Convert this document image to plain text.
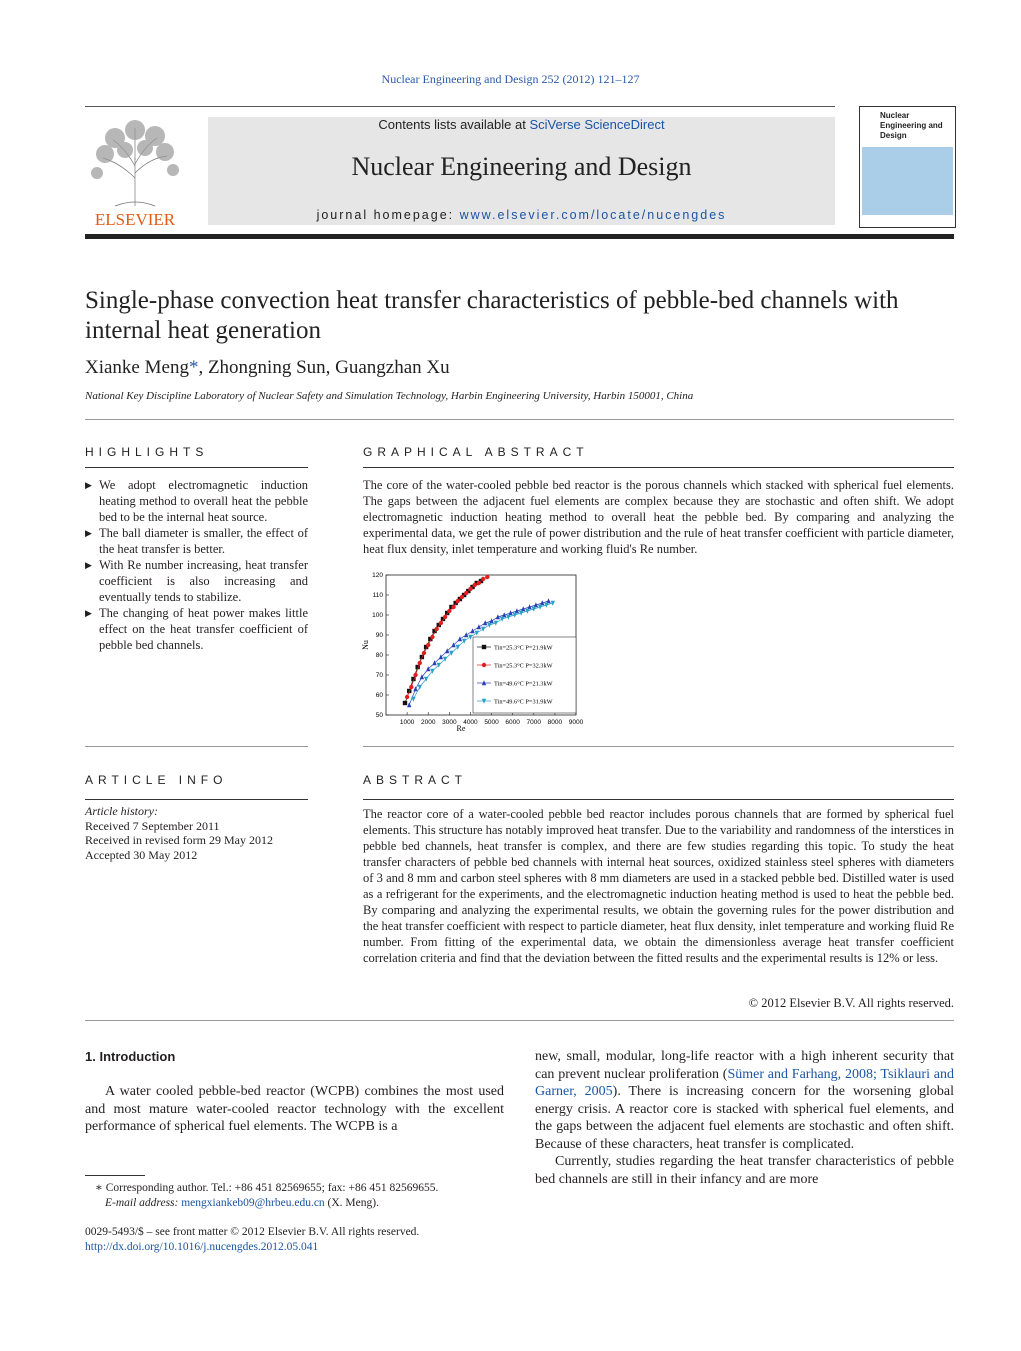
Nuclear Engineering and Design 252 (2012) 121–127
ELSEVIER
Contents lists available at SciVerse ScienceDirect
Nuclear Engineering and Design
journal homepage: www.elsevier.com/locate/nucengdes
Nuclear Engineering and Design
Single-phase convection heat transfer characteristics of pebble-bed channels with internal heat generation
Xianke Meng*, Zhongning Sun, Guangzhan Xu
National Key Discipline Laboratory of Nuclear Safety and Simulation Technology, Harbin Engineering University, Harbin 150001, China
HIGHLIGHTS
▶ We adopt electromagnetic induction heating method to overall heat the pebble bed to be the internal heat source.
▶ The ball diameter is smaller, the effect of the heat transfer is better.
▶ With Re number increasing, heat transfer coefficient is also increasing and eventually tends to stabilize.
▶ The changing of heat power makes little effect on the heat transfer coefficient of pebble bed channels.
GRAPHICAL ABSTRACT
The core of the water-cooled pebble bed reactor is the porous channels which stacked with spherical fuel elements. The gaps between the adjacent fuel elements are complex because they are stochastic and often shift. We adopt electromagnetic induction heating method to overall heat the pebble bed. By comparing and analyzing the experimental data, we get the rule of power distribution and the rule of heat transfer coefficient with particle diameter, heat flux density, inlet temperature and working fluid's Re number.
1000 2000 3000 4000 5000 6000 7000 8000 9000
50
60
70
80
90
100
110
120
Re
Nu	Tin=25.3°C P=21.9kW
Tin=25.3°C P=32.3kW
Tin=49.6°C P=21.3kW
Tin=49.6°C P=31.9kW
ARTICLE INFO
Article history:
Received 7 September 2011
Received in revised form 29 May 2012
Accepted 30 May 2012
ABSTRACT
The reactor core of a water-cooled pebble bed reactor includes porous channels that are formed by spherical fuel elements. This structure has notably improved heat transfer. Due to the variability and randomness of the interstices in pebble bed channels, heat transfer is complex, and there are few studies regarding this topic. To study the heat transfer characters of pebble bed channels with internal heat sources, oxidized stainless steel spheres with diameters of 3 and 8 mm and carbon steel spheres with 8 mm diameters are used in a stacked pebble bed. Distilled water is used as a refrigerant for the experiments, and the electromagnetic induction heating method is used to heat the pebble bed. By comparing and analyzing the experimental results, we obtain the governing rules for the power distribution and the heat transfer coefficient with respect to particle diameter, heat flux density, inlet temperature and working fluid Re number. From fitting of the experimental data, we obtain the dimensionless average heat transfer coefficient correlation criteria and find that the deviation between the fitted results and the experimental results is 12% or less.
© 2012 Elsevier B.V. All rights reserved.
1. Introduction
A water cooled pebble-bed reactor (WCPB) combines the most used and most mature water-cooled reactor technology with the excellent performance of spherical fuel elements. The WCPB is a

new, small, modular, long-life reactor with a high inherent security that can prevent nuclear proliferation (Sümer and Farhang, 2008; Tsiklauri and Garner, 2005). There is increasing concern for the worsening global energy crisis. A reactor core is stacked with spherical fuel elements, and the gaps between the adjacent fuel elements are stochastic and often shift. Because of these characters, heat transfer is complicated.

Currently, studies regarding the heat transfer characteristics of pebble bed channels are still in their infancy and are more

∗ Corresponding author. Tel.: +86 451 82569655; fax: +86 451 82569655.
E-mail address: mengxiankeb09@hrbeu.edu.cn (X. Meng).
0029-5493/$ – see front matter © 2012 Elsevier B.V. All rights reserved.
http://dx.doi.org/10.1016/j.nucengdes.2012.05.041
